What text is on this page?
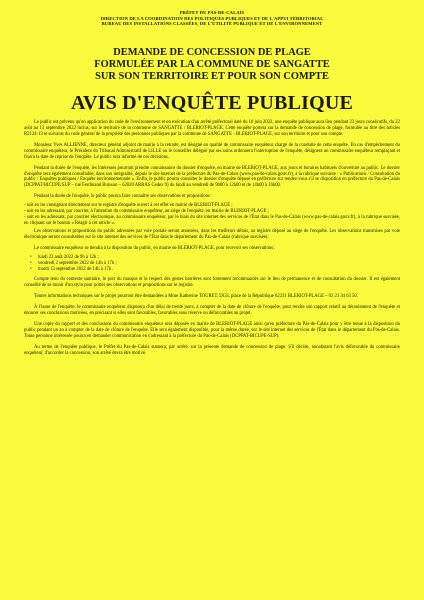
PRÉFET DU PAS-DE-CALAIS
DIRECTION DE LA COORDINATION DES POLITIQUES PUBLIQUES ET DE L'APPUI TERRITORIAL
BUREAU DES INSTALLATIONS CLASSÉES, DE L'UTILITÉ PUBLIQUE ET DE L'ENVIRONNEMENT
DEMANDE DE CONCESSION DE PLAGE
FORMULÉE PAR LA COMMUNE DE SANGATTE
SUR SON TERRITOIRE ET POUR SON COMPTE
AVIS D'ENQUÊTE PUBLIQUE

Le public est prévenu qu'en application du code de l'environnement et en exécution d'un arrêté préfectoral daté du 10 juin 2022, une enquête publique aura lieu pendant 23 jours consécutifs, du 22 août au 13 septembre 2022 inclus, sur le territoire de la commune de SANGATTE / BLERIOT-PLAGE. Cette enquête portera sur la demande de concession de plage, formulée au titre des articles R2124-13 et suivants du code général de la propriété des personnes publiques par la commune de SANGATTE - BLERIOT-PLAGE, sur son territoire et pour son compte.

Monsieur Yves ALLIENNE, directeur général adjoint de mairie à la retraite, est désigné en qualité de commissaire enquêteur chargé de la conduite de cette enquête. En cas d'empêchement du commissaire enquêteur, le Président du Tribunal Administratif de LILLE ou le conseiller délégué par ses soins ordonnera l'interruption de l'enquête, désignera un commissaire enquêteur remplaçant et fixera la date de reprise de l'enquête. Le public sera informé de ces décisions.

Pendant la durée de l'enquête, les intéressés pourront prendre connaissance du dossier d'enquête, en mairie de BLERIOT-PLAGE, aux jours et horaires habituels d'ouverture au public. Le dossier d'enquête sera également consultable, dans son intégralité, depuis le site internet de la préfecture du Pas-de-Calais (www.pas-de-calais.gouv.fr), à la rubrique suivante : « Publications / Consultation du public / Enquêtes publiques / Enquête environnementale ». Enfin, le public pourra consulter le dossier d'enquête déposé en préfecture sur rendez-vous s'il se disposition en préfecture du Pas-de-Calais (DCPPAT/BICUPE/SUP – rue Ferdinand Buisson – 62020 ARRAS Cedex 9) du lundi au vendredi de 9h00 à 12h00 et de 14h00 à 16h00.

Pendant la durée de l'enquête, le public pourra faire connaître ses observations et propositions :

- soit en les consignant directement sur le registre d'enquête ouvert à cet effet en mairie de BLERIOT-PLAGE ;
- soit en les adressant, par courrier, à l'attention du commissaire enquêteur, au siège de l'enquête, en mairie de BLERIOT-PLAGE ;
- soit en les adressant, par courrier électronique, au commissaire enquêteur, par le biais du site internet des services de l'État dans le Pas-de-Calais (www.pas-de-calais.gouv.fr), à la rubrique susvisée, en cliquant sur le bouton « Réagir à cet article ».

Les observations et propositions du public adressées par voie postale seront annexées, dans les meilleurs délais, au registre déposé au siège de l'enquête. Les observations transmises par voie électronique seront consultables sur le site internet des services de l'État dans le département du Pas-de-Calais (rubrique susvisée).

Le commissaire enquêteur se tiendra à la disposition du public, en mairie de BLERIOT-PLAGE, pour recevoir ses observations :

• lundi 22 août 2022 de 9h à 12h ;
• vendredi 2 septembre 2022 de 14h à 17h ;
• mardi 13 septembre 2022 de 14h à 17h .

Compte tenu du contexte sanitaire, le port du masque et le respect des gestes barrières sont fortement recommandés sur le lieu de permanence et de consultation du dossier. Il est également conseillé de se munir d'un stylo pour porter ses observations et propositions sur le registre.

Toutes informations techniques sur le projet pourront être demandées à Mme Katherine TOURET, DGS, place de la République 62231 BLERIOT-PLAGE – 03 21 34 63 50.

À l'issue de l'enquête, le commissaire enquêteur disposera d'un délai de trente jours, à compter de la date de clôture de l'enquête, pour rendre son rapport relatif au déroulement de l'enquête et énoncer ses conclusions motivées, en précisant si elles sont favorables, favorables sous réserve ou défavorables au projet.

Une copie du rapport et des conclusions du commissaire enquêteur sera déposée en mairie de BLERIOT-PLAGE ainsi qu'en préfecture du Pas-de-Calais pour y être tenue à la disposition du public pendant un an à compter de la date de clôture de l'enquête. Elle sera également disponible, pour la même durée, sur le site internet des services de l'État dans le département du Pas-de-Calais. Toute personne intéressée pourra en demander communication en s'adressant à la préfecture du Pas-de-Calais (DCPPAT-BICUPE-SUP).

Au terme de l'enquête publique, le Préfet du Pas-de-Calais statuera, par arrêté, sur la présente demande de concession de plage. S'il décide, nonobstant l'avis défavorable du commissaire enquêteur, d'accorder la concession, son arrêté devra être motivé.
